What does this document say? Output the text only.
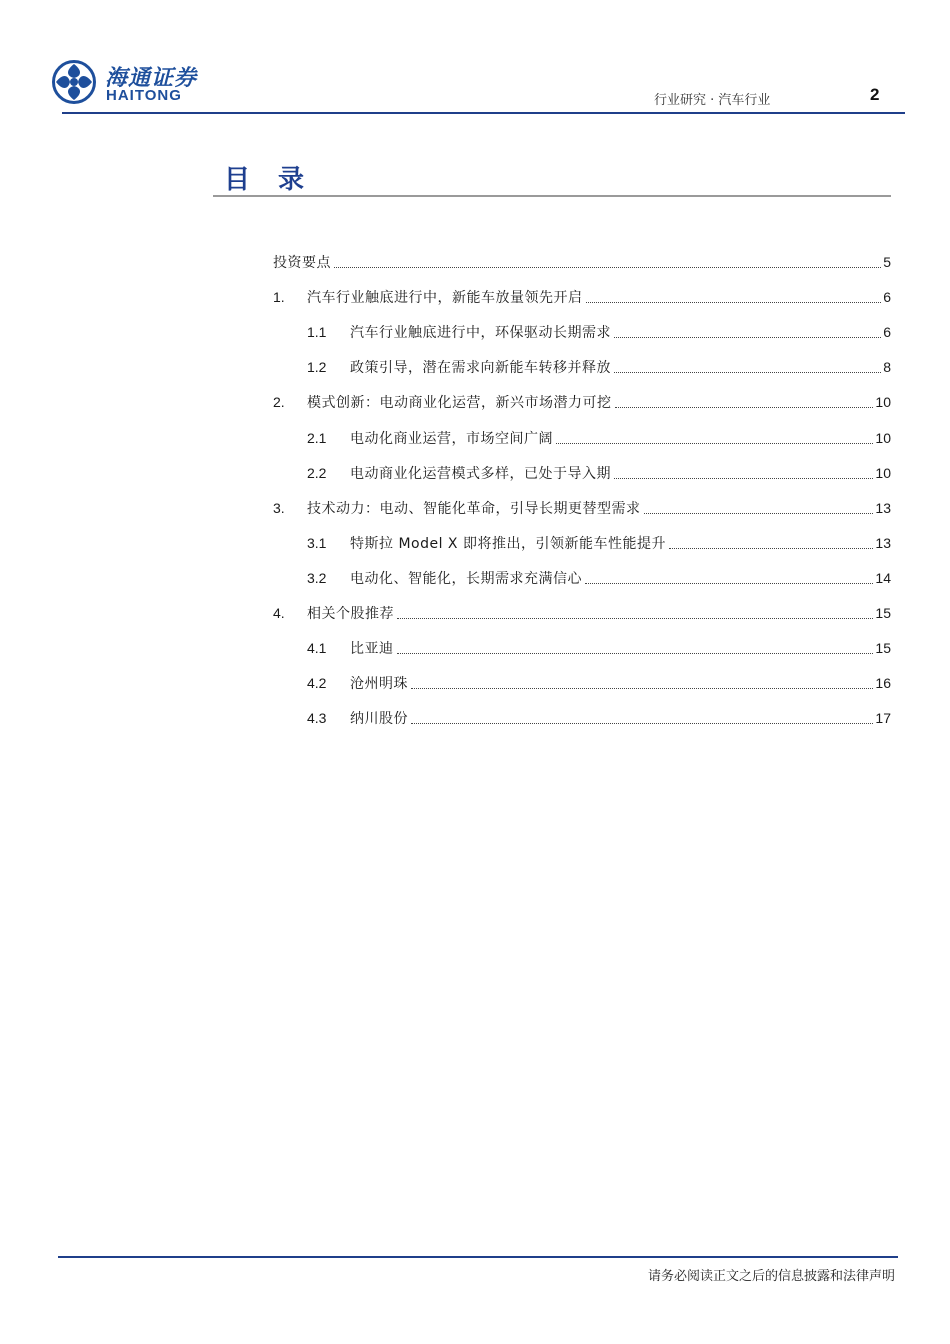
海通证券
HAITONG	行业研究 · 汽车行业	2
目录
投资要点	5
1.	汽车行业触底进行中，新能车放量领先开启	6
1.1	汽车行业触底进行中，环保驱动长期需求	6
1.2	政策引导，潜在需求向新能车转移并释放	8
2.	模式创新：电动商业化运营，新兴市场潜力可挖	10
2.1	电动化商业运营，市场空间广阔	10
2.2	电动商业化运营模式多样，已处于导入期	10
3.	技术动力：电动、智能化革命，引导长期更替型需求	13
3.1	特斯拉 Model X 即将推出，引领新能车性能提升	13
3.2	电动化、智能化，长期需求充满信心	14
4.	相关个股推荐	15
4.1	比亚迪	15
4.2	沧州明珠	16
4.3	纳川股份	17
请务必阅读正文之后的信息披露和法律声明
